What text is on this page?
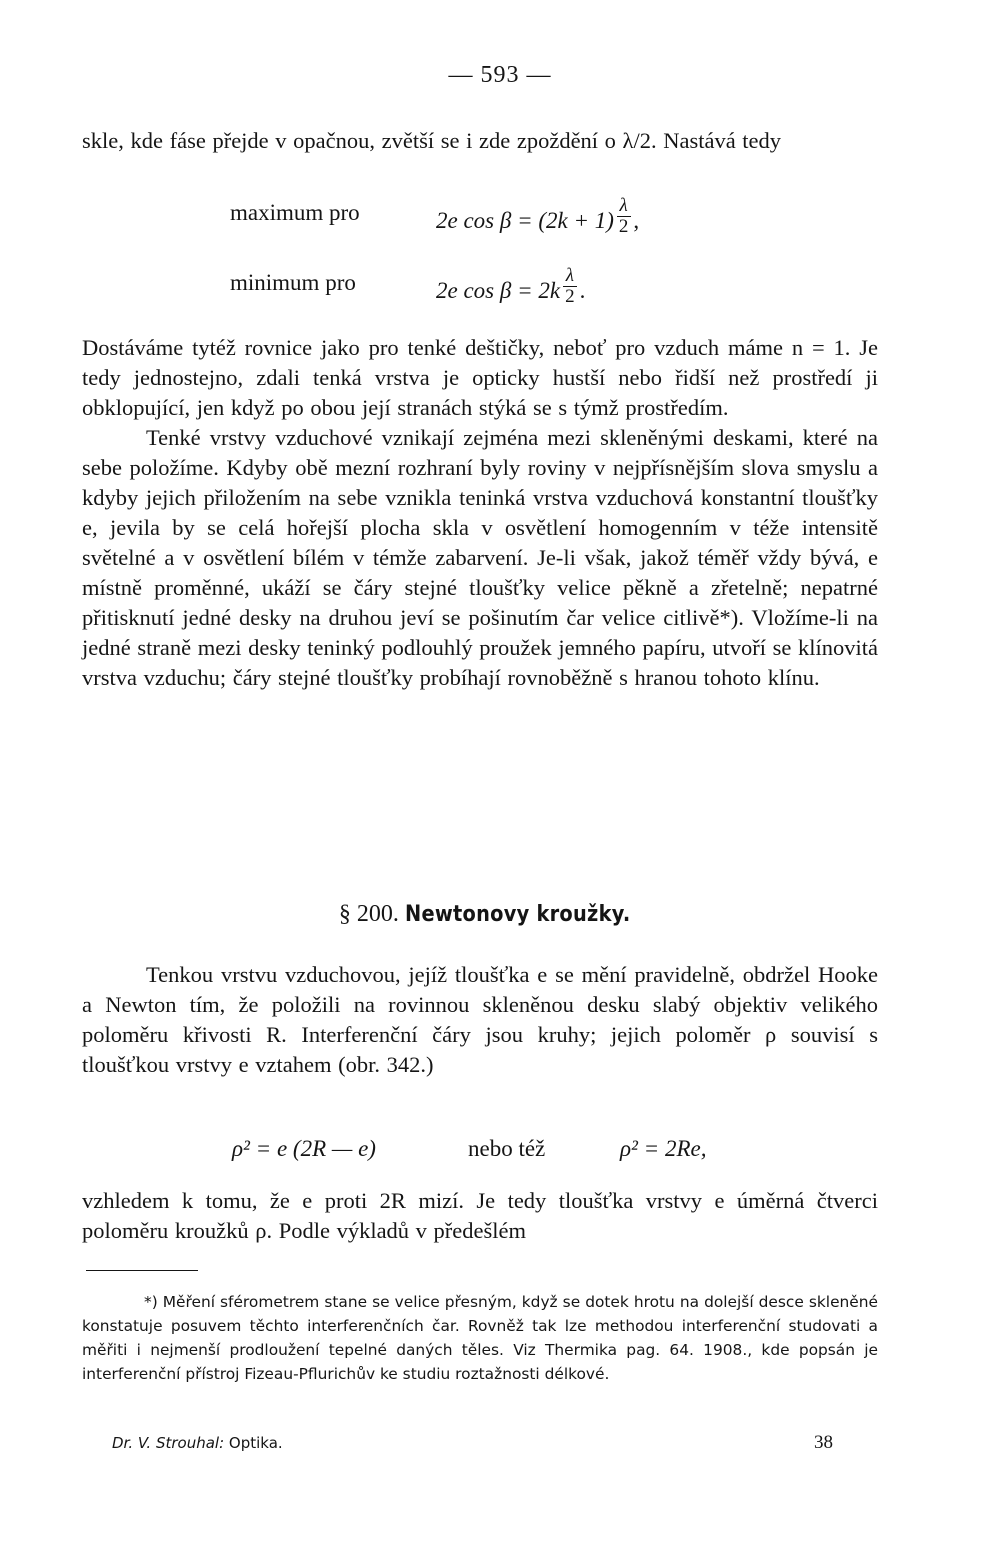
— 593 —

skle, kde fáse přejde v opačnou, zvětší se i zde zpoždění o λ/2. Nastává tedy

maximum pro	2e $\cos \beta = (2k + 1) \frac{\lambda}{2}$ ,
minimum pro	2e $\cos \beta = 2k \frac{\lambda}{2}$ .

Dostáváme tytéž rovnice jako pro tenké deštičky, neboť pro vzduch máme n = 1. Je tedy jednostejno, zdali tenká vrstva je opticky hustší nebo řidší než prostředí ji obklopující, jen když po obou její stranách stýká se s týmž prostředím.

Tenké vrstvy vzduchové vznikají zejména mezi skleněnými deskami, které na sebe položíme. Kdyby obě mezní rozhraní byly roviny v nejpřísnějším slova smyslu a kdyby jejich přiložením na sebe vznikla teninká vrstva vzduchová konstantní tloušťky e, jevila by se celá hořejší plocha skla v osvětlení homogenním v téže intensitě světelné a v osvětlení bílém v témže zabarvení. Je-li však, jakož téměř vždy bývá, e místně proměnné, ukáží se čáry stejné tloušťky velice pěkně a zřetelně; nepatrné přitisknutí jedné desky na druhou jeví se pošinutím čar velice citlivě*). Vložíme-li na jedné straně mezi desky teninký podlouhlý proužek jemného papíru, utvoří se klínovitá vrstva vzduchu; čáry stejné tloušťky probíhají rovnoběžně s hranou tohoto klínu.

§ 200. Newtonovy kroužky.

Tenkou vrstvu vzduchovou, jejíž tloušťka e se mění pravidelně, obdržel Hooke a Newton tím, že položili na rovinnou skleněnou desku slabý objektiv velikého poloměru křivosti R. Interferenční čáry jsou kruhy; jejich poloměr ρ souvisí s tloušťkou vrstvy e vztahem (obr. 342.)

ρ² = e (2R — e)	nebo též	ρ² = 2Re,

vzhledem k tomu, že e proti 2R mizí. Je tedy tloušťka vrstvy e úměrná čtverci poloměru kroužků ρ. Podle výkladů v předešlém

*) Měření sférometrem stane se velice přesným, když se dotek hrotu na dolejší desce skleněné konstatuje posuvem těchto interferenčních čar. Rovněž tak lze methodou interferenční studovati a měřiti i nejmenší prodloužení tepelné daných těles. Viz Thermika pag. 64. 1908., kde popsán je interferenční přístroj Fizeau-Pflurichův ke studiu roztažnosti délkové.

Dr. V. Strouhal: Optika.	38
